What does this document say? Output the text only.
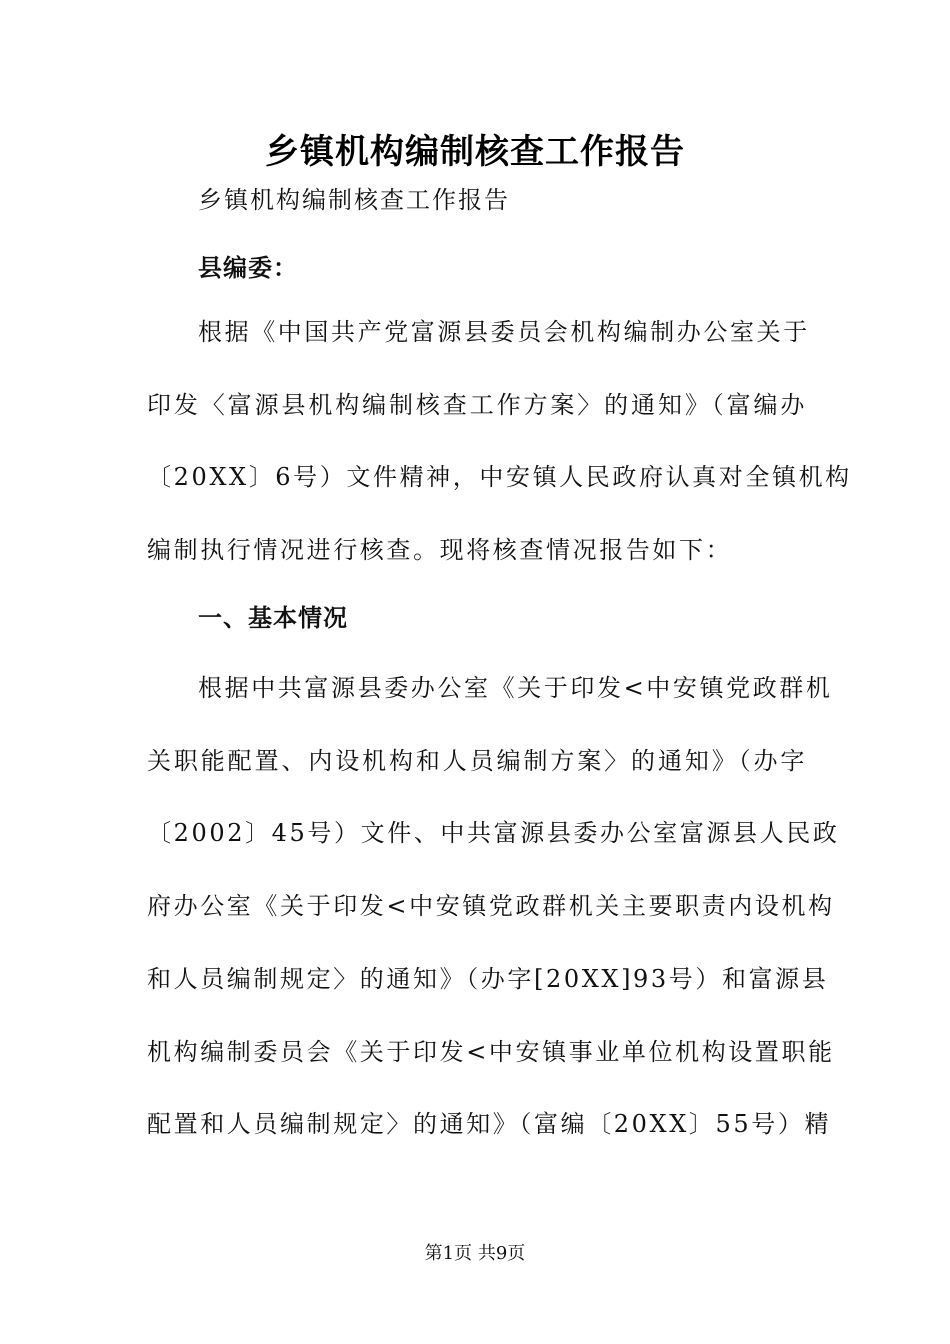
乡镇机构编制核查工作报告
乡镇机构编制核查工作报告
县编委：
根据《中国共产党富源县委员会机构编制办公室关于
印发〈富源县机构编制核查工作方案〉的通知》（富编办
〔20XX〕6号）文件精神，中安镇人民政府认真对全镇机构
编制执行情况进行核查。现将核查情况报告如下：
一、基本情况
根据中共富源县委办公室《关于印发<中安镇党政群机
关职能配置、内设机构和人员编制方案〉的通知》（办字
〔2002〕45号）文件、中共富源县委办公室富源县人民政
府办公室《关于印发<中安镇党政群机关主要职责内设机构
和人员编制规定〉的通知》（办字[20XX]93号）和富源县
机构编制委员会《关于印发<中安镇事业单位机构设置职能
配置和人员编制规定〉的通知》（富编〔20XX〕55号）精
第1页 共9页
